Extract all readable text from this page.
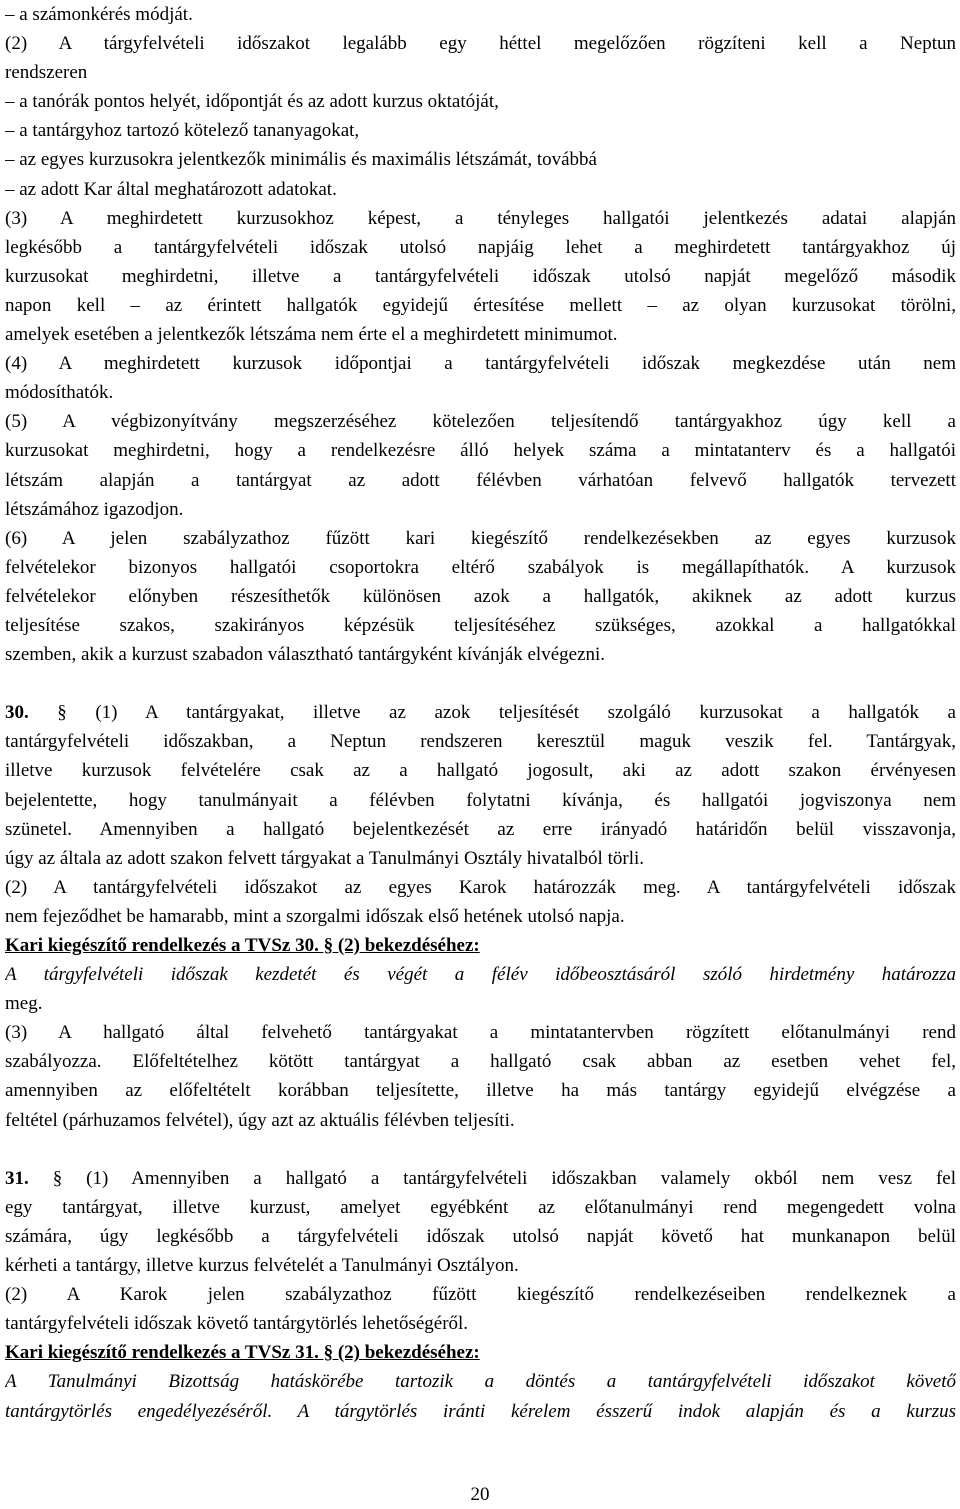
– a számonkérés módját.
(2) A tárgyfelvételi időszakot legalább egy héttel megelőzően rögzíteni kell a Neptun
rendszeren
– a tanórák pontos helyét, időpontját és az adott kurzus oktatóját,
– a tantárgyhoz tartozó kötelező tananyagokat,
– az egyes kurzusokra jelentkezők minimális és maximális létszámát, továbbá
– az adott Kar által meghatározott adatokat.
(3) A meghirdetett kurzusokhoz képest, a tényleges hallgatói jelentkezés adatai alapján
legkésőbb a tantárgyfelvételi időszak utolsó napjáig lehet a meghirdetett tantárgyakhoz új
kurzusokat meghirdetni, illetve a tantárgyfelvételi időszak utolsó napját megelőző második
napon kell – az érintett hallgatók egyidejű értesítése mellett – az olyan kurzusokat törölni,
amelyek esetében a jelentkezők létszáma nem érte el a meghirdetett minimumot.
(4) A meghirdetett kurzusok időpontjai a tantárgyfelvételi időszak megkezdése után nem
módosíthatók.
(5) A végbizonyítvány megszerzéséhez kötelezően teljesítendő tantárgyakhoz úgy kell a
kurzusokat meghirdetni, hogy a rendelkezésre álló helyek száma a mintatanterv és a hallgatói
létszám alapján a tantárgyat az adott félévben várhatóan felvevő hallgatók tervezett
létszámához igazodjon.
(6) A jelen szabályzathoz fűzött kari kiegészítő rendelkezésekben az egyes kurzusok
felvételekor bizonyos hallgatói csoportokra eltérő szabályok is megállapíthatók. A kurzusok
felvételekor előnyben részesíthetők különösen azok a hallgatók, akiknek az adott kurzus
teljesítése szakos, szakirányos képzésük teljesítéséhez szükséges, azokkal a hallgatókkal
szemben, akik a kurzust szabadon választható tantárgyként kívánják elvégezni.
30. § (1) A tantárgyakat, illetve az azok teljesítését szolgáló kurzusokat a hallgatók a
tantárgyfelvételi időszakban, a Neptun rendszeren keresztül maguk veszik fel. Tantárgyak,
illetve kurzusok felvételére csak az a hallgató jogosult, aki az adott szakon érvényesen
bejelentette, hogy tanulmányait a félévben folytatni kívánja, és hallgatói jogviszonya nem
szünetel. Amennyiben a hallgató bejelentkezését az erre irányadó határidőn belül visszavonja,
úgy az általa az adott szakon felvett tárgyakat a Tanulmányi Osztály hivatalból törli.
(2) A tantárgyfelvételi időszakot az egyes Karok határozzák meg. A tantárgyfelvételi időszak
nem fejeződhet be hamarabb, mint a szorgalmi időszak első hetének utolsó napja.
Kari kiegészítő rendelkezés a TVSz 30. § (2) bekezdéséhez:
A tárgyfelvételi időszak kezdetét és végét a félév időbeosztásáról szóló hirdetmény határozza
meg.
(3) A hallgató által felvehető tantárgyakat a mintatantervben rögzített előtanulmányi rend
szabályozza. Előfeltételhez kötött tantárgyat a hallgató csak abban az esetben vehet fel,
amennyiben az előfeltételt korábban teljesítette, illetve ha más tantárgy egyidejű elvégzése a
feltétel (párhuzamos felvétel), úgy azt az aktuális félévben teljesíti.
31. § (1) Amennyiben a hallgató a tantárgyfelvételi időszakban valamely okból nem vesz fel
egy tantárgyat, illetve kurzust, amelyet egyébként az előtanulmányi rend megengedett volna
számára, úgy legkésőbb a tárgyfelvételi időszak utolsó napját követő hat munkanapon belül
kérheti a tantárgy, illetve kurzus felvételét a Tanulmányi Osztályon.
(2) A Karok jelen szabályzathoz fűzött kiegészítő rendelkezéseiben rendelkeznek a
tantárgyfelvételi időszak követő tantárgytörlés lehetőségéről.
Kari kiegészítő rendelkezés a TVSz 31. § (2) bekezdéséhez:
A Tanulmányi Bizottság hatáskörébe tartozik a döntés a tantárgyfelvételi időszakot követő
tantárgytörlés engedélyezéséről. A tárgytörlés iránti kérelem ésszerű indok alapján és a kurzus
20
